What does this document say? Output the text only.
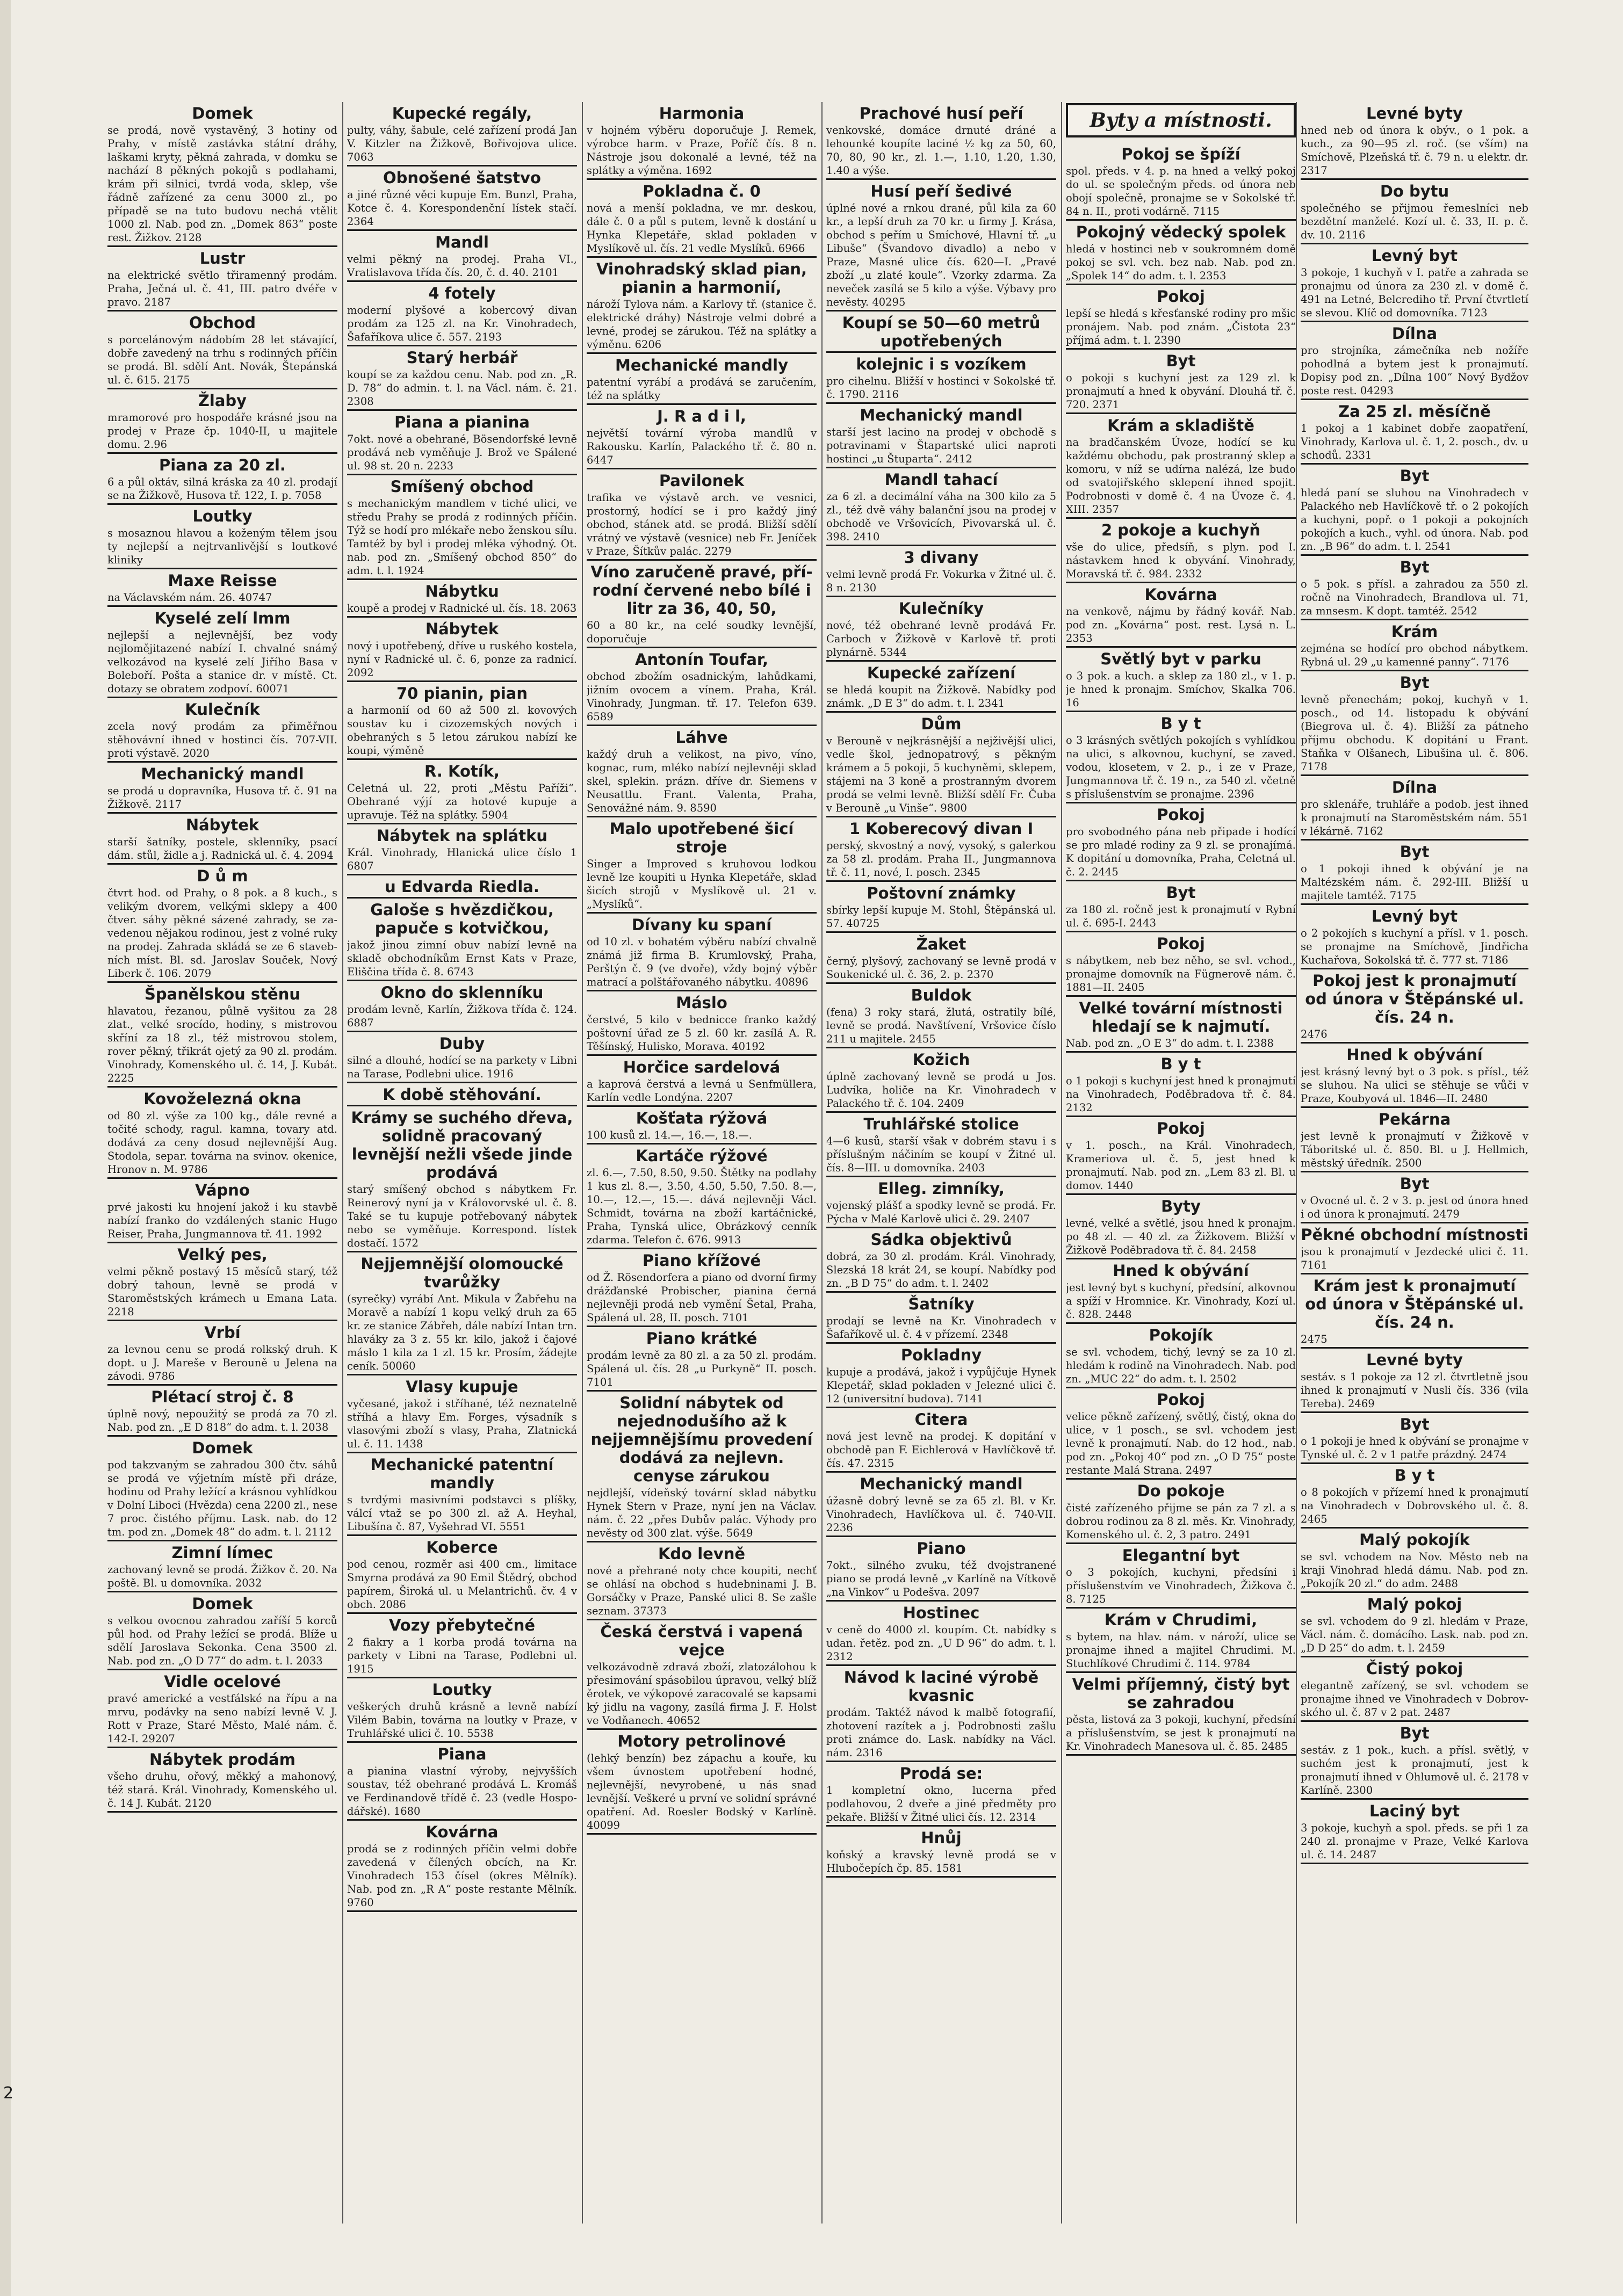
Domek
se prodá, nově vystavěný, 3 hotiny od Prahy, v místě zastávka státní dráhy, laškami kryty, pěkná zahrada, v domku se nachází 8 pěkných pokojů s podlahami, krám při silnici, tvrdá voda, sklep, vše řádně zařízené za cenu 3000 zl., po případě se na tuto budovu nechá vtělit 1000 zl. Nab. pod zn. „Domek 863“ poste rest. Žižkov. 2128
Lustr
na elektrické světlo třiramenný prodám. Praha, Ječná ul. č. 41, III. patro dvéře v pravo. 2187
Obchod
s porcelánovým nádobím 28 let stávající, dobře zavedený na trhu s rodinných příčin se prodá. Bl. sdělí Ant. Novák, Štepánská ul. č. 615. 2175
Žlaby
mramorové pro hospodáře krásné jsou na prodej v Praze čp. 1040-II, u majitele domu. 2.96
Piana za 20 zl.
6 a půl oktáv, silná kráska za 40 zl. prodají se na Žižkově, Husova tř. 122, I. p. 7058
Loutky
s mosaznou hlavou a koženým tělem jsou ty nejlepší a nejtrvanlivější s loutkové kliniky
Maxe Reisse
na Václavském nám. 26. 40747
Kyselé zelí lmm
nejlepší a nejlevnější, bez vody nejlomějitazené nabízí I. chvalné snámý velkozávod na kyselé zelí Jiřího Basa v Boleboří. Pošta a stanice dr. v místě. Ct. dotazy se obratem zodpoví. 60071
Kulečník
zcela nový prodám za přiměřnou stěhovávní ihned v hostinci čís. 707-VII. proti výstavě. 2020
Mechanický mandl
se prodá u dopravníka, Husova tř. č. 91 na Žižkově. 2117
Nábytek
starší šatníky, postele, sklenníky, psací dám. stůl, židle a j. Radnická ul. č. 4. 2094
D ů m
čtvrt hod. od Prahy, o 8 pok. a 8 kuch., s velikým dvorem, velkými sklepy a 400 čtver. sáhy pěkné sázené zahrady, se zavedenou nějakou rodinou, jest z volné ruky na prodej. Zahrada skládá se ze 6 stavebních míst. Bl. sd. Jaroslav Souček, Nový Liberk č. 106. 2079
Španělskou stěnu
hlavatou, řezanou, půlně vyšitou za 28 zlat., velké srocído, hodiny, s mistrovou skříní za 18 zl., též mistrovou stolem, rover pěkný, třikrát ojetý za 90 zl. prodám. Vinohrady, Komenského ul. č. 14, J. Kubát. 2225
Kovoželezná okna
od 80 zl. výše za 100 kg., dále revné a točité schody, ragul. kamna, tovary atd. dodává za ceny dosud nejlevnější Aug. Stodola, separ. továrna na svinov. okenice, Hronov n. M. 9786
Vápno
prvé jakosti ku hnojení jakož i ku stavbě nabízí franko do vzdálených stanic Hugo Reiser, Praha, Jungmannova tř. 41. 1992
Velký pes,
velmi pěkně postavý 15 měsíců starý, též dobrý tahoun, levně se prodá v Staroměstských krámech u Emana Lata. 2218
Vrbí
za levnou cenu se prodá rolkský druh. K dopt. u J. Mareše v Berouně u Jelena na závodi. 9786
Plétací stroj č. 8
úplně nový, nepoužitý se prodá za 70 zl. Nab. pod zn. „E D 818“ do adm. t. l. 2038
Domek
pod takzvaným se zahradou 300 čtv. sáhů se prodá ve výjetním místě při dráze, hodinu od Prahy ležící a krásnou vyhlídkou v Dolní Liboci (Hvězda) cena 2200 zl., nese 7 proc. čistého příjmu. Lask. nab. do 12 tm. pod zn. „Domek 48“ do adm. t. l. 2112
Zimní límec
zachovaný levně se prodá. Žižkov č. 20. Na poště. Bl. u domovníka. 2032
Domek
s velkou ovocnou zahradou zaříší 5 korců půl hod. od Prahy ležící se prodá. Blíže u sdělí Jaroslava Sekonka. Cena 3500 zl. Nab. pod zn. „O D 77“ do adm. t. l. 2033
Vidle ocelové
pravé americké a vestfálské na řípu a na mrvu, podávky na seno nabízí levně V. J. Rott v Praze, Staré Město, Malé nám. č. 142-I. 29207
Nábytek prodám
všeho druhu, ořový, měkký a mahonový, též stará. Král. Vinohrady, Komenského ul. č. 14 J. Kubát. 2120
Kupecké regály,
pulty, váhy, šabule, celé zařízení prodá Jan V. Kitzler na Žižkově, Bořivojova ulice. 7063
Obnošené šatstvo
a jiné různé věci kupuje Em. Bunzl, Praha, Kotce č. 4. Korespondenční lístek stačí. 2364
Mandl
velmi pěkný na prodej. Praha VI., Vratislavova třída čís. 20, č. d. 40. 2101
4 fotely
moderní plyšové a kobercový divan prodám za 125 zl. na Kr. Vinohradech, Šafaříkova ulice č. 557. 2193
Starý herbář
koupí se za každou cenu. Nab. pod zn. „R. D. 78“ do admin. t. l. na Václ. nám. č. 21. 2308
Piana a pianina
7okt. nové a obehrané, Bösendorfské levně prodává neb vyměňuje J. Brož ve Spálené ul. 98 st. 20 n. 2233
Smíšený obchod
s mechanickým mandlem v tiché ulici, ve středu Prahy se prodá z rodinných příčin. Týž se hodí pro mlékaře nebo ženskou sílu. Tamtéž by byl i prodej mléka výhodný. Ot. nab. pod zn. „Smíšený obchod 850“ do adm. t. l. 1924
Nábytku
koupě a prodej v Radnické ul. čís. 18. 2063
Nábytek
nový i upotřebený, dříve u ruského kostela, nyní v Radnické ul. č. 6, ponze za radnicí. 2092
70 pianin, pian
a harmonií od 60 až 500 zl. kovových soustav ku i cizozemských nových i obehraných s 5 letou zárukou nabízí ke koupi, výměně
R. Kotík,
Celetná ul. 22, proti „Městu Paříži“. Obehrané výjí za hotové kupuje a upravuje. Též na splátky. 5904
Nábytek na splátku
Král. Vinohrady, Hlanická ulice číslo 1 6807
u Edvarda Riedla.
Galoše s hvězdičkou, papuče s kotvičkou,
jakož jinou zimní obuv nabízí levně na skladě obchodníkům Ernst Kats v Praze, Eliščina třída č. 8. 6743
Okno do sklenníku
prodám levně, Karlín, Žižkova třída č. 124. 6887
Duby
silné a dlouhé, hodící se na parkety v Libni na Tarase, Podlebni ulice. 1916
K době stěhování.
Krámy se suchého dřeva, solidně pracovaný levnější nežli všede jinde prodává
starý smíšený obchod s nábytkem Fr. Reinerový nyní ja v Královorvské ul. č. 8. Také se tu kupuje potřebovaný nábytek nebo se vyměňuje. Korrespond. lístek dostačí. 1572
Nejjemnější olomoucké tvarůžky
(syrečky) vyrábí Ant. Mikula v Žabřehu na Moravě a nabízí 1 kopu velký druh za 65 kr. ze stanice Zábřeh, dále nabízí Intan trn. hlaváky za 3 z. 55 kr. kilo, jakož i čajové máslo 1 kila za 1 zl. 15 kr. Prosím, žádejte ceník. 50060
Vlasy kupuje
vyčesané, jakož i stříhané, též neznatelně stříhá a hlavy Em. Forges, výsadník s vlasovými zboží s vlasy, Praha, Zlatnická ul. č. 11. 1438
Mechanické patentní mandly
s tvrdými masivními podstavci s plíšky, válcí vtaž se po 300 zl. až A. Heyhal, Libušína č. 87, Vyšehrad VI. 5551
Koberce
pod cenou, rozměr asi 400 cm., limitace Smyrna prodává za 90 Emil Štědrý, obchod papírem, Široká ul. u Melantrichů. čv. 4 v obch. 2086
Vozy přebytečné
2 fiakry a 1 korba prodá továrna na parkety v Libni na Tarase, Podlebni ul. 1915
Loutky
veškerých druhů krásně a levně nabízí Vilém Babin, továrna na loutky v Praze, v Truhlářské ulici č. 10. 5538
Piana
a pianina vlastní výroby, nejvyšších soustav, též obehrané prodává L. Kromáš ve Ferdinandově třídě č. 23 (vedle Hospodářské). 1680
Kovárna
prodá se z rodinných příčin velmi dobře zavedená v čílených obcích, na Kr. Vinohradech 153 čísel (okres Mělník). Nab. pod zn. „R A“ poste restante Mělník. 9760
Harmonia
v hojném výběru doporučuje J. Remek, výrobce harm. v Praze, Poříč čís. 8 n. Nástroje jsou dokonalé a levné, též na splátky a výměna. 1692
Pokladna č. 0
nová a menší pokladna, ve mr. deskou, dále č. 0 a půl s putem, levně k dostání u Hynka Klepetáře, sklad pokladen v Myslíkově ul. čís. 21 vedle Myslíků. 6966
Vinohradský sklad pian, pianin a harmonií,
nároží Tylova nám. a Karlovy tř. (stanice č. elektrické dráhy) Nástroje velmi dobré a levné, prodej se zárukou. Též na splátky a výměnu. 6206
Mechanické mandly
patentní vyrábí a prodává se zaručením, též na splátky
J. R a d i l,
největší tovární výroba mandlů v Rakousku. Karlín, Palackého tř. č. 80 n. 6447
Pavilonek
trafika ve výstavě arch. ve vesnici, prostorný, hodící se i pro každý jiný obchod, stánek atd. se prodá. Bližší sdělí vrátný ve výstavě (vesnice) neb Fr. Jeníček v Praze, Šítkův palác. 2279
Víno zaručeně pravé, přírodní červené nebo bílé i litr za 36, 40, 50,
60 a 80 kr., na celé soudky levnější, doporučuje
Antonín Toufar,
obchod zbožím osadnickým, lahůdkami, jižním ovocem a vínem. Praha, Král. Vinohrady, Jungman. tř. 17. Telefon 639. 6589
Láhve
každý druh a velikost, na pivo, víno, kognac, rum, mléko nabízí nejlevněji sklad skel, splekin. prázn. dříve dr. Siemens v Neusattlu. Frant. Valenta, Praha, Senovážné nám. 9. 8590
Malo upotřebené šicí stroje
Singer a Improved s kruhovou lodkou levně lze koupiti u Hynka Klepetáře, sklad šicích strojů v Myslíkově ul. 21 v. „Myslíků“.
Dívany ku spaní
od 10 zl. v bohatém výběru nabízí chvalně známá již firma B. Krumlovský, Praha, Perštýn č. 9 (ve dvoře), vždy bojný výběr matrací a polštářovaného nábytku. 40896
Máslo
čerstvé, 5 kilo v bednicce franko každý poštovní úřad ze 5 zl. 60 kr. zasílá A. R. Těšínský, Hulisko, Morava. 40192
Horčice sardelová
a kaprová čerstvá a levná u Senfmüllera, Karlín vedle Londýna. 2207
Košťata rýžová
100 kusů zl. 14.—, 16.—, 18.—.
Kartáče rýžové
zl. 6.—, 7.50, 8.50, 9.50. Štětky na podlahy 1 kus zl. 8.—, 3.50, 4.50, 5.50, 7.50. 8.—, 10.—, 12.—, 15.—. dává nejlevněji Václ. Schmidt, továrna na zboží kartáčnické, Praha, Tynská ulice, Obrázkový cenník zdarma. Telefon č. 676. 9913
Piano křížové
od Ž. Rösendorfera a piano od dvorní firmy drážďanské Probischer, pianina černá nejlevněji prodá neb vymění Šetal, Praha, Spálená ul. 28, II. posch. 7101
Piano krátké
prodám levně za 80 zl. a za 50 zl. prodám. Spálená ul. čís. 28 „u Purkyně“ II. posch. 7101
Solidní nábytek od nejednodušího až k nejjemnějšímu provedení dodává za nejlevn. cenyse zárukou
nejdlejší, vídeňský tovární sklad nábytku Hynek Stern v Praze, nyní jen na Václav. nám. č. 22 „přes Dubův palác. Výhody pro nevěsty od 300 zlat. výše. 5649
Kdo levně
nové a přehrané noty chce koupiti, nechť se ohlásí na obchod s hudebninami J. B. Gorsáčky v Praze, Panské ulici 8. Se zašle seznam. 37373
Česká čerstvá i vapená vejce
velkozávodně zdravá zboží, zlatozálohou k přesimování spásobilou úpravou, velký blíž ěrotek, ve výkopové zaracovalé se kapsami ký jidlu na vagony, zasílá firma J. F. Holst ve Vodňanech. 40652
Motory petrolinové
(lehký benzín) bez zápachu a kouře, ku všem úvnostem upotřebení hodné, nejlevnější, nevyrobené, u nás snad levnější. Veškeré u první ve solidní správné opatření. Ad. Roesler Bodský v Karlíně. 40099
Prachové husí peří
venkovské, domáce drnuté dráné a lehounké koupíte laciné ½ kg za 50, 60, 70, 80, 90 kr., zl. 1.—, 1.10, 1.20, 1.30, 1.40 a výše.
Husí peří šedivé
úplné nové a rnkou drané, půl kila za 60 kr., a lepší druh za 70 kr. u firmy J. Krása, obchod s peřím u Smíchové, Hlavní tř. „u Libuše“ (Švandovo divadlo) a nebo v Praze, Masné ulice čís. 620—I. „Pravé zboží „u zlaté koule“. Vzorky zdarma. Za neveček zasílá se 5 kilo a výše. Výbavy pro nevěsty. 40295
Koupí se 50—60 metrů upotřebených
kolejnic i s vozíkem
pro cihelnu. Bližší v hostinci v Sokolské tř. č. 1790. 2116
Mechanický mandl
starší jest lacino na prodej v obchodě s potravinami v Štapartské ulici naproti hostinci „u Štuparta“. 2412
Mandl tahací
za 6 zl. a decimální váha na 300 kilo za 5 zl., též dvě váhy balanční jsou na prodej v obchodě ve Vršovicích, Pivovarská ul. č. 398. 2410
3 divany
velmi levně prodá Fr. Vokurka v Žitné ul. č. 8 n. 2130
Kulečníky
nové, též obehrané levně prodává Fr. Carboch v Žižkově v Karlově tř. proti plynárně. 5344
Kupecké zařízení
se hledá koupit na Žižkově. Nabídky pod známk. „D E 3“ do adm. t. l. 2341
Dům
v Berouně v nejkrásnější a nejživější ulici, vedle škol, jednopatrový, s pěkným krámem a 5 pokoji, 5 kuchyněmi, sklepem, stájemi na 3 koně a prostranným dvorem prodá se velmi levně. Bližší sdělí Fr. Čuba v Berouně „u Vinše“. 9800
1 Koberecový divan I
perský, skvostný a nový, vysoký, s galerkou za 58 zl. prodám. Praha II., Jungmannova tř. č. 11, nové, I. posch. 2345
Poštovní známky
sbírky lepší kupuje M. Stohl, Štěpánská ul. 57. 40725
Žaket
černý, plyšový, zachovaný se levně prodá v Soukenické ul. č. 36, 2. p. 2370
Buldok
(fena) 3 roky stará, žlutá, ostratily bílé, levně se prodá. Navštívení, Vršovice číslo 211 u majitele. 2455
Kožich
úplně zachovaný levně se prodá u Jos. Ludvíka, holiče na Kr. Vinohradech v Palackého tř. č. 104. 2409
Truhlářské stolice
4—6 kusů, starší však v dobrém stavu i s příslušným náčiním se koupí v Žitné ul. čís. 8—III. u domovníka. 2403
Elleg. zimníky,
vojenský plášť a spodky levně se prodá. Fr. Pýcha v Malé Karlově ulici č. 29. 2407
Sádka objektivů
dobrá, za 30 zl. prodám. Král. Vinohrady, Slezská 18 krát 24, se koupí. Nabídky pod zn. „B D 75“ do adm. t. l. 2402
Šatníky
prodají se levně na Kr. Vinohradech v Šafaříkově ul. č. 4 v přízemí. 2348
Pokladny
kupuje a prodává, jakož i vypůjčuje Hynek Klepetář, sklad pokladen v Jelezné ulici č. 12 (universitní budova). 7141
Citera
nová jest levně na prodej. K dopitání v obchodě pan F. Eichlerová v Havlíčkově tř. čís. 47. 2315
Mechanický mandl
úžasně dobrý levně se za 65 zl. Bl. v Kr. Vinohradech, Havlíčkova ul. č. 740-VII. 2236
Piano
7okt., silného zvuku, též dvojstranené piano se prodá levně „v Karlíně na Vítkově „na Vinkov“ u Podešva. 2097
Hostinec
v ceně do 4000 zl. koupím. Ct. nabídky s udan. řetěz. pod zn. „U D 96“ do adm. t. l. 2312
Návod k laciné výrobě kvasnic
prodám. Taktéž návod k malbě fotografií, zhotovení razítek a j. Podrobnosti zašlu proti známce do. Lask. nabídky na Václ. nám. 2316
Prodá se:
1 kompletní okno, lucerna před podlahovou, 2 dveře a jiné předměty pro pekaře. Bližší v Žitné ulici čís. 12. 2314
Hnůj
koňský a kravský levně prodá se v Hlubočepích čp. 85. 1581
Byty a místnosti.
Pokoj se špíží
spol. předs. v 4. p. na hned a velký pokoj do ul. se společným předs. od února neb obojí společně, pronajme se v Sokolské tř. 84 n. II., proti vodárně. 7115
Pokojný vědecký spolek
hledá v hostinci neb v soukromném domě pokoj se svl. vch. bez nab. Nab. pod zn. „Spolek 14“ do adm. t. l. 2353
Pokoj
lepší se hledá s křesťanské rodiny pro mšic pronájem. Nab. pod znám. „Čistota 23“ příjmá adm. t. l. 2390
Byt
o pokoji s kuchyní jest za 129 zl. k pronajmutí a hned k obyvání. Dlouhá tř. č. 720. 2371
Krám a skladiště
na bradčanském Úvoze, hodící se ku každému obchodu, pak prostranný sklep a komoru, v níž se udírna nalézá, lze budo od svatojiřského sklepení ihned spojit. Podrobnosti v domě č. 4 na Úvoze č. 4. XIII. 2357
2 pokoje a kuchyň
vše do ulice, předsíň, s plyn. pod I. nástavkem hned k obyvání. Vinohrady, Moravská tř. č. 984. 2332
Kovárna
na venkově, nájmu by řádný kovář. Nab. pod zn. „Kovárna“ post. rest. Lysá n. L. 2353
Světlý byt v parku
o 3 pok. a kuch. a sklep za 180 zl., v 1. p. je hned k pronajm. Smíchov, Skalka 706. 16
B y t
o 3 krásných světlých pokojích s vyhlídkou na ulici, s alkovnou, kuchyní, se zaved. vodou, klosetem, v 2. p., i ze v Praze, Jungmannova tř. č. 19 n., za 540 zl. včetně s příslušenstvím se pronajme. 2396
Pokoj
pro svobodného pána neb připade i hodící se pro mladé rodiny za 9 zl. se pronajímá. K dopitání u domovníka, Praha, Celetná ul. č. 2. 2445
Byt
za 180 zl. ročně jest k pronajmutí v Rybní ul. č. 695-I. 2443
Pokoj
s nábytkem, neb bez něho, se svl. vchod., pronajme domovník na Fügnerově nám. č. 1881—II. 2405
Velké tovární místnosti hledají se k najmutí.
Nab. pod zn. „O E 3“ do adm. t. l. 2388
B y t
o 1 pokoji s kuchyní jest hned k pronajmutí na Vinohradech, Poděbradova tř. č. 84. 2132
Pokoj
v 1. posch., na Král. Vinohradech, Krameriova ul. č. 5, jest hned k pronajmutí. Nab. pod zn. „Lem 83 zl. Bl. u domov. 1440
Byty
levné, velké a světlé, jsou hned k pronajm. po 48 zl. — 40 zl. za Žižkovem. Bližší v Žižkově Poděbradova tř. č. 84. 2458
Hned k obývání
jest levný byt s kuchyní, předsíní, alkovnou a spíží v Hromnice. Kr. Vinohrady, Kozí ul. č. 828. 2448
Pokojík
se svl. vchodem, tichý, levný se za 10 zl. hledám k rodině na Vinohradech. Nab. pod zn. „MUC 22“ do adm. t. l. 2502
Pokoj
velice pěkně zařízený, světlý, čistý, okna do ulice, v 1 posch., se svl. vchodem jest levně k pronajmutí. Nab. do 12 hod., nab. pod zn. „Pokoj 40“ pod zn. „O D 75“ poste restante Malá Strana. 2497
Do pokoje
čisté zařízeného přijme se pán za 7 zl. a s dobrou rodinou za 8 zl. měs. Kr. Vinohrady, Komenského ul. č. 2, 3 patro. 2491
Elegantní byt
o 3 pokojích, kuchyni, předsíni i příslušenstvím ve Vinohradech, Žižkova č. 8. 7125
Krám v Chrudimi,
s bytem, na hlav. nám. v nároží, ulice se pronajme ihned a majitel Chrudimi. M. Stuchlíkové Chrudimi č. 114. 9784
Velmi příjemný, čistý byt se zahradou
pěsta, listová za 3 pokoji, kuchyní, předsíní a příslušenstvím, se jest k pronajmutí na Kr. Vinohradech Manesova ul. č. 85. 2485
Levné byty
hned neb od února k obýv., o 1 pok. a kuch., za 90—95 zl. roč. (se vším) na Smíchově, Plzeňská tř. č. 79 n. u elektr. dr. 2317
Do bytu
společného se přijmou řemeslníci neb bezdětní manželé. Kozí ul. č. 33, II. p. č. dv. 10. 2116
Levný byt
3 pokoje, 1 kuchyň v I. patře a zahrada se pronajmu od února za 230 zl. v domě č. 491 na Letné, Belcrediho tř. První čtvrtletí se slevou. Klíč od domovníka. 7123
Dílna
pro strojníka, zámečníka neb nožíře pohodlná a bytem jest k pronajmutí. Dopisy pod zn. „Dílna 100“ Nový Bydžov poste rest. 04293
Za 25 zl. měsíčně
1 pokoj a 1 kabinet dobře zaopatření, Vinohrady, Karlova ul. č. 1, 2. posch., dv. u schodů. 2331
Byt
hledá paní se sluhou na Vinohradech v Palackého neb Havlíčkově tř. o 2 pokojích a kuchyni, popř. o 1 pokoji a pokojních pokojích a kuch., vyhl. od února. Nab. pod zn. „B 96“ do adm. t. l. 2541
Byt
o 5 pok. s přísl. a zahradou za 550 zl. ročně na Vinohradech, Brandlova ul. 71, za mnsesm. K dopt. tamtéž. 2542
Krám
zejména se hodící pro obchod nábytkem. Rybná ul. 29 „u kamenné panny“. 7176
Byt
levně přenechám; pokoj, kuchyň v 1. posch., od 14. listopadu k obývání (Biegrova ul. č. 4). Bližší za pátneho příjmu obchodu. K dopitání u Frant. Staňka v Olšanech, Libušina ul. č. 806. 7178
Dílna
pro sklenáře, truhláře a podob. jest ihned k pronajmutí na Staroměstském nám. 551 v lékárně. 7162
Byt
o 1 pokoji ihned k obývání je na Maltézském nám. č. 292-III. Bližší u majitele tamtéž. 7175
Levný byt
o 2 pokojích s kuchyní a přísl. v 1. posch. se pronajme na Smíchově, Jindřicha Kuchařova, Sokolská tř. č. 777 st. 7186
Pokoj jest k pronajmutí od února v Štěpánské ul. čís. 24 n.
2476
Hned k obývání
jest krásný levný byt o 3 pok. s přísl., též se sluhou. Na ulici se stěhuje se vůči v Praze, Koubyová ul. 1846—II. 2480
Pekárna
jest levně k pronajmutí v Žižkově v Táboritské ul. č. 850. Bl. u J. Hellmich, městský úředník. 2500
Byt
v Ovocné ul. č. 2 v 3. p. jest od února hned i od února k pronajmutí. 2479
Pěkné obchodní místnosti
jsou k pronajmutí v Jezdecké ulici č. 11. 7161
Krám jest k pronajmutí od února v Štěpánské ul. čís. 24 n.
2475
Levné byty
sestáv. s 1 pokoje za 12 zl. čtvrtletně jsou ihned k pronajmutí v Nusli čís. 336 (vila Tereba). 2469
Byt
o 1 pokoji je hned k obývání se pronajme v Tynské ul. č. 2 v 1 patře prázdný. 2474
B y t
o 8 pokojích v přízemí hned k pronajmutí na Vinohradech v Dobrovského ul. č. 8. 2465
Malý pokojík
se svl. vchodem na Nov. Město neb na kraji Vinohrad hledá dámu. Nab. pod zn. „Pokojík 20 zl.“ do adm. 2488
Malý pokoj
se svl. vchodem do 9 zl. hledám v Praze, Václ. nám. č. domácího. Lask. nab. pod zn. „D D 25“ do adm. t. l. 2459
Čistý pokoj
elegantně zařízený, se svl. vchodem se pronajme ihned ve Vinohradech v Dobrovského ul. č. 87 v 2 pat. 2487
Byt
sestáv. z 1 pok., kuch. a přísl. světlý, v suchém jest k pronajmutí, jest k pronajmutí ihned v Ohlumově ul. č. 2178 v Karlíně. 2300
Laciný byt
3 pokoje, kuchyň a spol. předs. se při 1 za 240 zl. pronajme v Praze, Velké Karlova ul. č. 14. 2487
2
